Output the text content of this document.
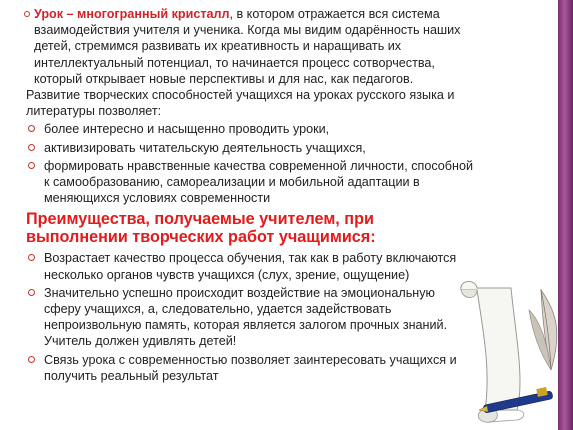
Урок – многогранный кристалл, в котором отражается вся система взаимодействия учителя и ученика. Когда мы видим одарённость наших детей, стремимся развивать их креативность и наращивать их интеллектуальный потенциал, то начинается процесс сотворчества, который открывает новые перспективы и для нас, как педагогов.

Развитие творческих способностей учащихся на уроках русского языка и литературы позволяет:

более интересно и насыщенно проводить уроки,
активизировать читательскую деятельность учащихся,
формировать нравственные качества современной личности, способной к самообразованию, самореализации и мобильной адаптации в меняющихся условиях современности
Преимущества, получаемые учителем, при выполнении творческих работ учащимися:
Возрастает качество процесса обучения, так как в работу включаются несколько органов чувств учащихся (слух, зрение, ощущение)
Значительно успешно происходит воздействие на эмоциональную сферу учащихся, а, следовательно, удается задействовать непроизвольную память, которая является залогом прочных знаний. Учитель должен удивлять детей!
Связь урока с современностью позволяет заинтересовать учащихся и получить реальный результат
